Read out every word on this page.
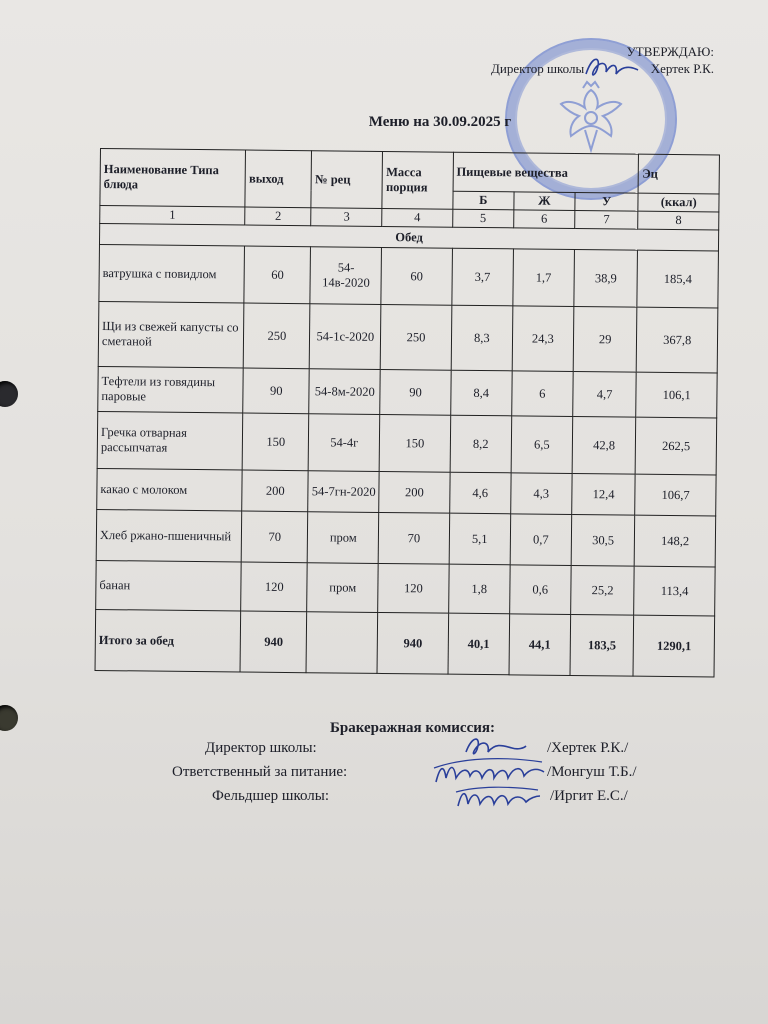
УТВЕРЖДАЮ:
Директор школы	Хертек Р.К.
Меню на 30.09.2025 г
Наименование Типа блюда	выход	№ рец	Масса порция	Пищевые вещества			Эц
				Б	Ж	У	(ккал)
1	2	3	4	5	6	7	8
Обед							
ватрушка с повидлом	60	54-14в-2020	60	3,7	1,7	38,9	185,4
Щи из свежей капусты со сметаной	250	54-1с-2020	250	8,3	24,3	29	367,8
Тефтели из говядины паровые	90	54-8м-2020	90	8,4	6	4,7	106,1
Гречка отварная рассыпчатая	150	54-4г	150	8,2	6,5	42,8	262,5
какао с молоком	200	54-7гн-2020	200	4,6	4,3	12,4	106,7
Хлеб ржано-пшеничный	70	пром	70	5,1	0,7	30,5	148,2
банан	120	пром	120	1,8	0,6	25,2	113,4
Итого за обед	940		940	40,1	44,1	183,5	1290,1
Бракеражная комиссия:
Директор школы:	/Хертек Р.К./
Ответственный за питание:	/Монгуш Т.Б./
Фельдшер школы:	/Иргит Е.С./
